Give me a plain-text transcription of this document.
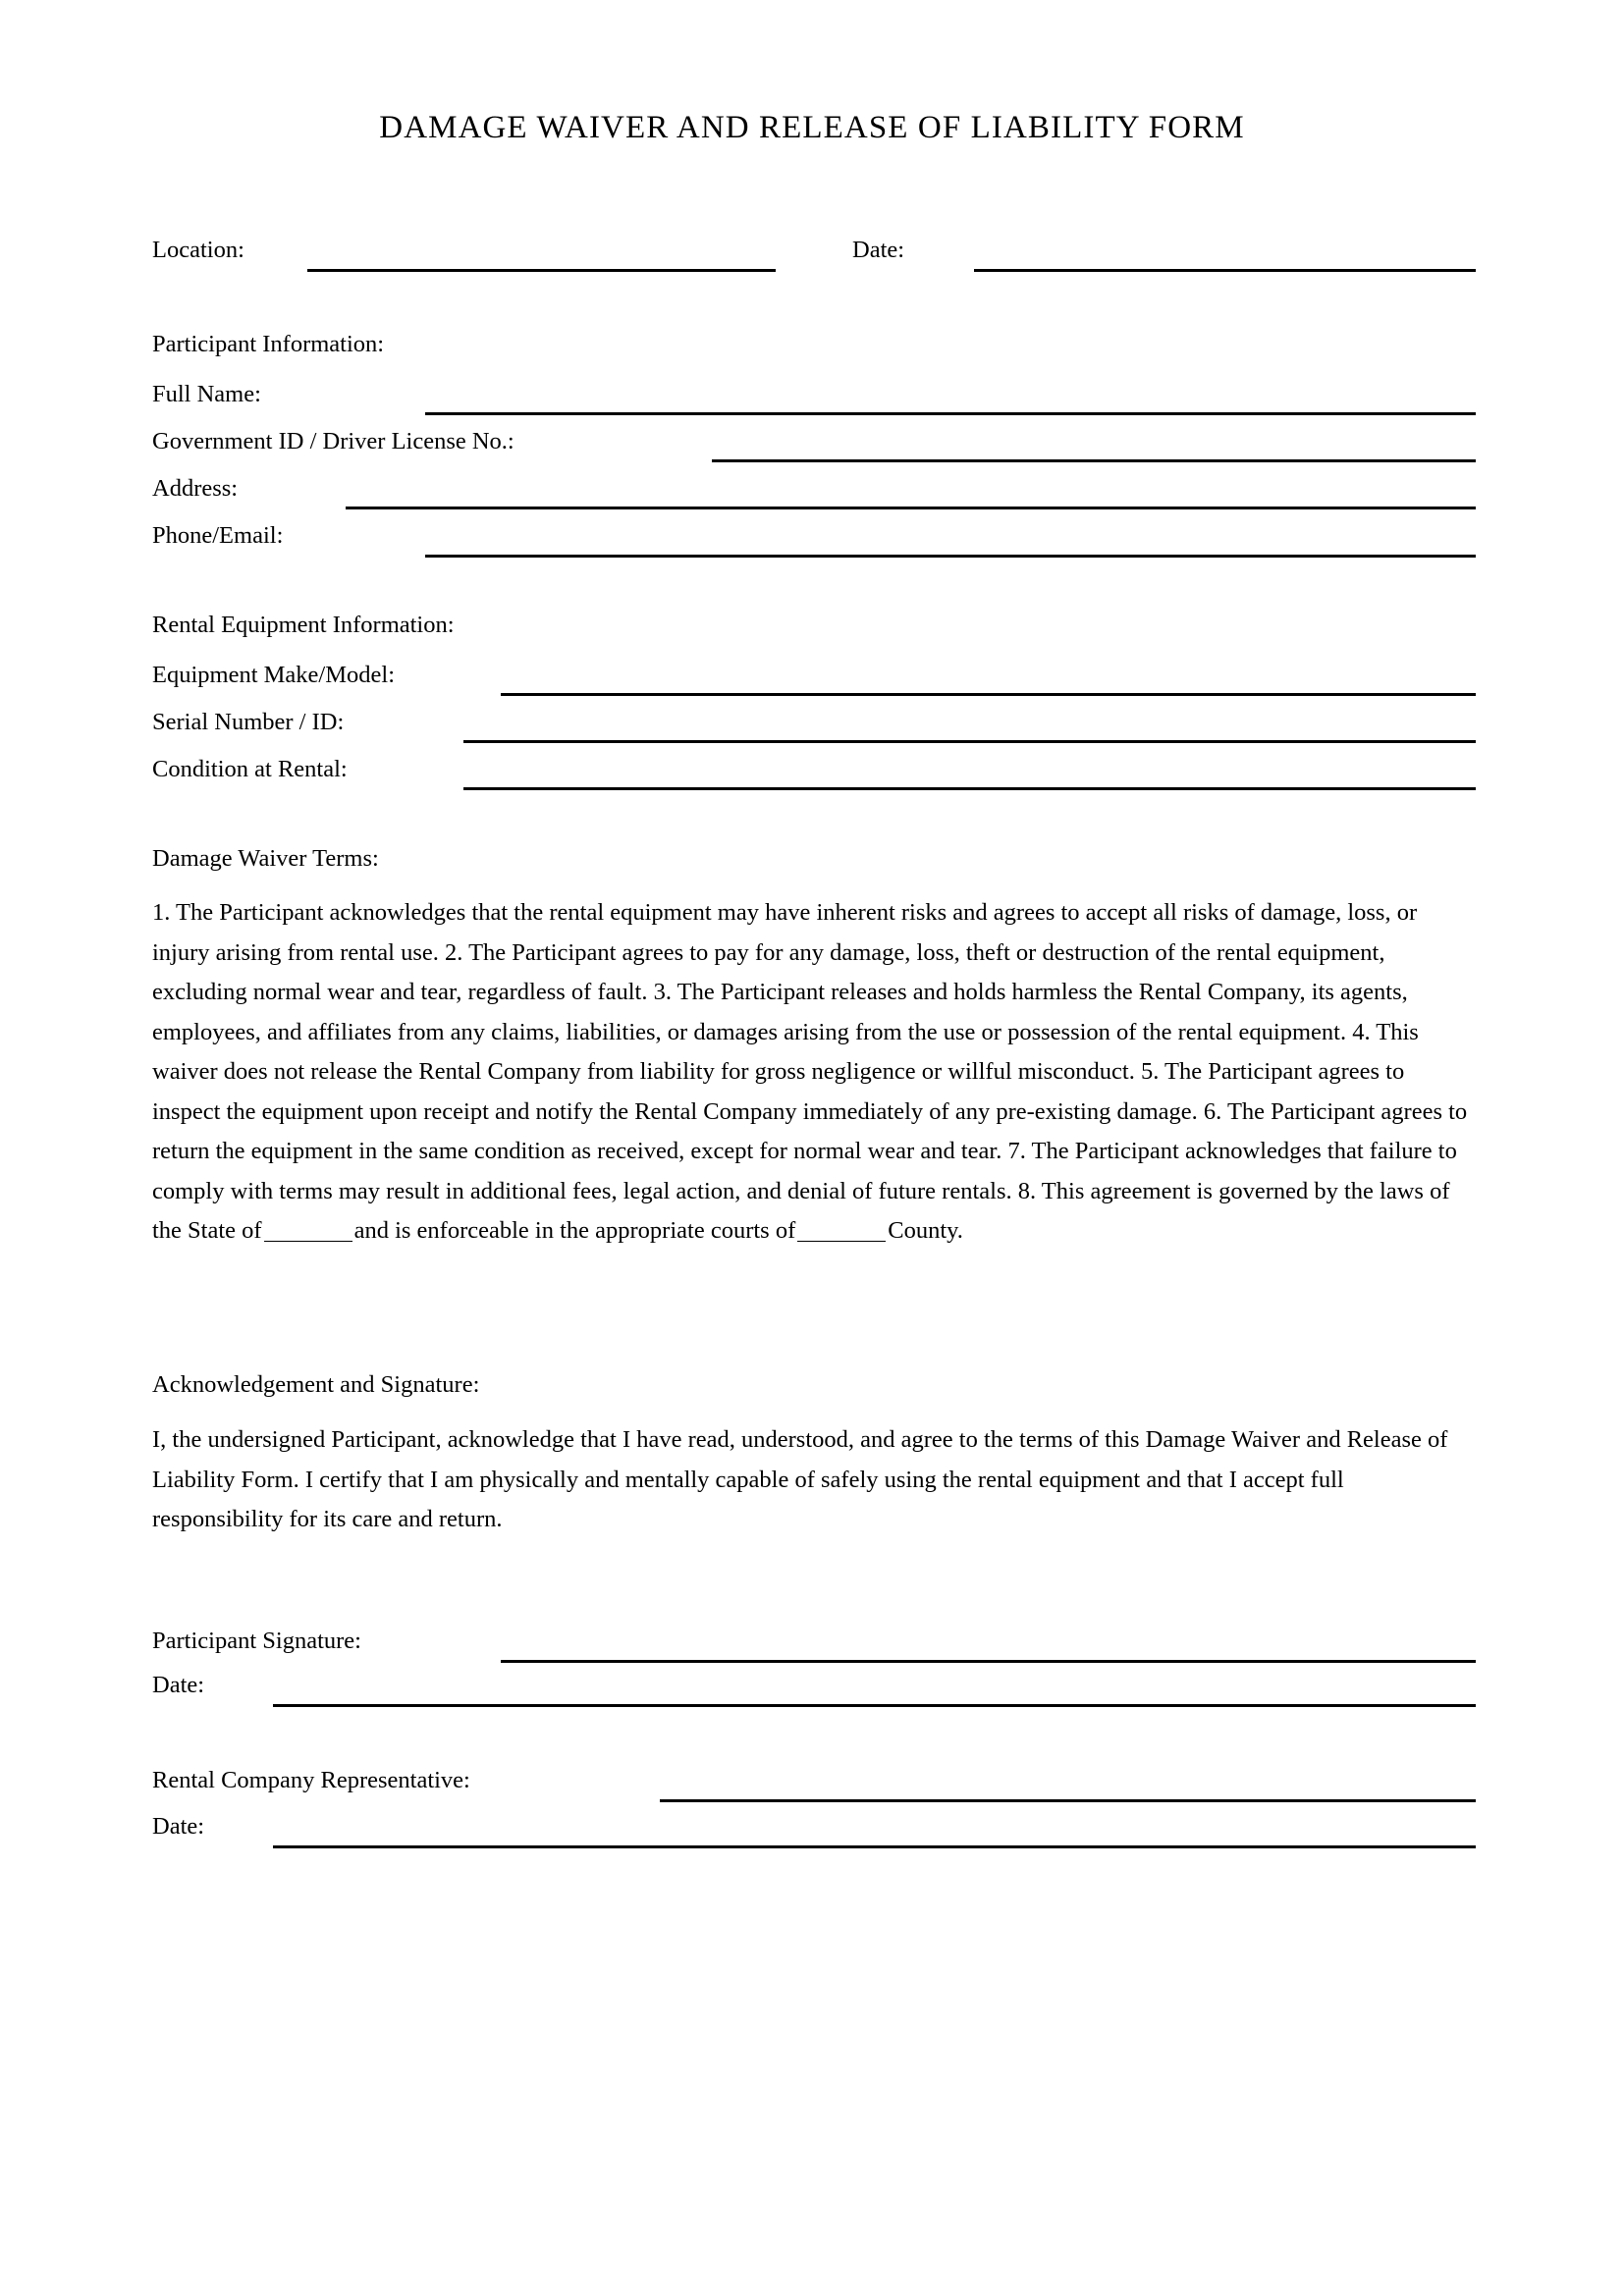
DAMAGE WAIVER AND RELEASE OF LIABILITY FORM
Location:	Date:
Participant Information:
Full Name:
Government ID / Driver License No.:
Address:
Phone/Email:
Rental Equipment Information:
Equipment Make/Model:
Serial Number / ID:
Condition at Rental:
Damage Waiver Terms:
1. The Participant acknowledges that the rental equipment may have inherent risks and agrees to accept all risks of damage, loss, or injury arising from rental use. 2. The Participant agrees to pay for any damage, loss, theft or destruction of the rental equipment, excluding normal wear and tear, regardless of fault. 3. The Participant releases and holds harmless the Rental Company, its agents, employees, and affiliates from any claims, liabilities, or damages arising from the use or possession of the rental equipment. 4. This waiver does not release the Rental Company from liability for gross negligence or willful misconduct. 5. The Participant agrees to inspect the equipment upon receipt and notify the Rental Company immediately of any pre-existing damage. 6. The Participant agrees to return the equipment in the same condition as received, except for normal wear and tear. 7. The Participant acknowledges that failure to comply with terms may result in additional fees, legal action, and denial of future rentals. 8. This agreement is governed by the laws of the State of	and is enforceable in the appropriate courts of	County.
Acknowledgement and Signature:
I, the undersigned Participant, acknowledge that I have read, understood, and agree to the terms of this Damage Waiver and Release of Liability Form. I certify that I am physically and mentally capable of safely using the rental equipment and that I accept full responsibility for its care and return.
Participant Signature:
Date:
Rental Company Representative:
Date:
